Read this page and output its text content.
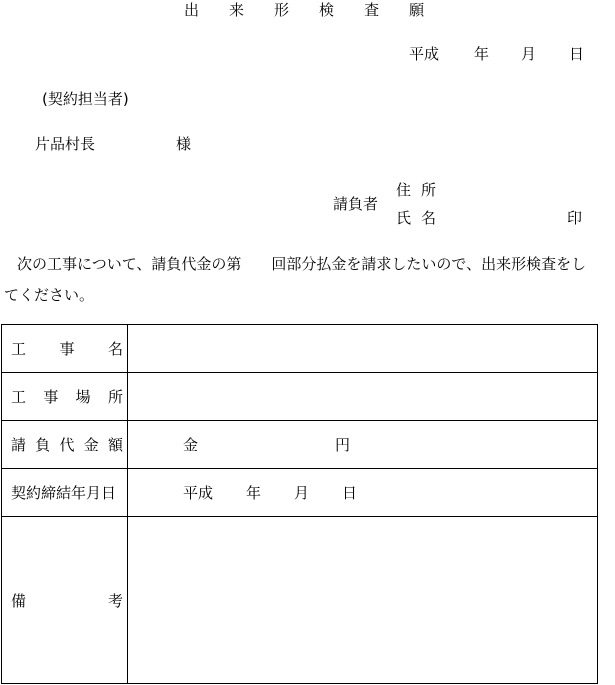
出 来 形 検 査 願
平成 年 月 日
(契約担当者)
片品村長	様
請負者
住 所
氏 名	印
次の工事について、請負代金の第 回部分払金を請求したいので、出来形検査をし
てください。
工 事 名	

工 事 場 所	

請 負 代 金 額	金 円

契約締結年月日	平成 年 月 日

備 考	
